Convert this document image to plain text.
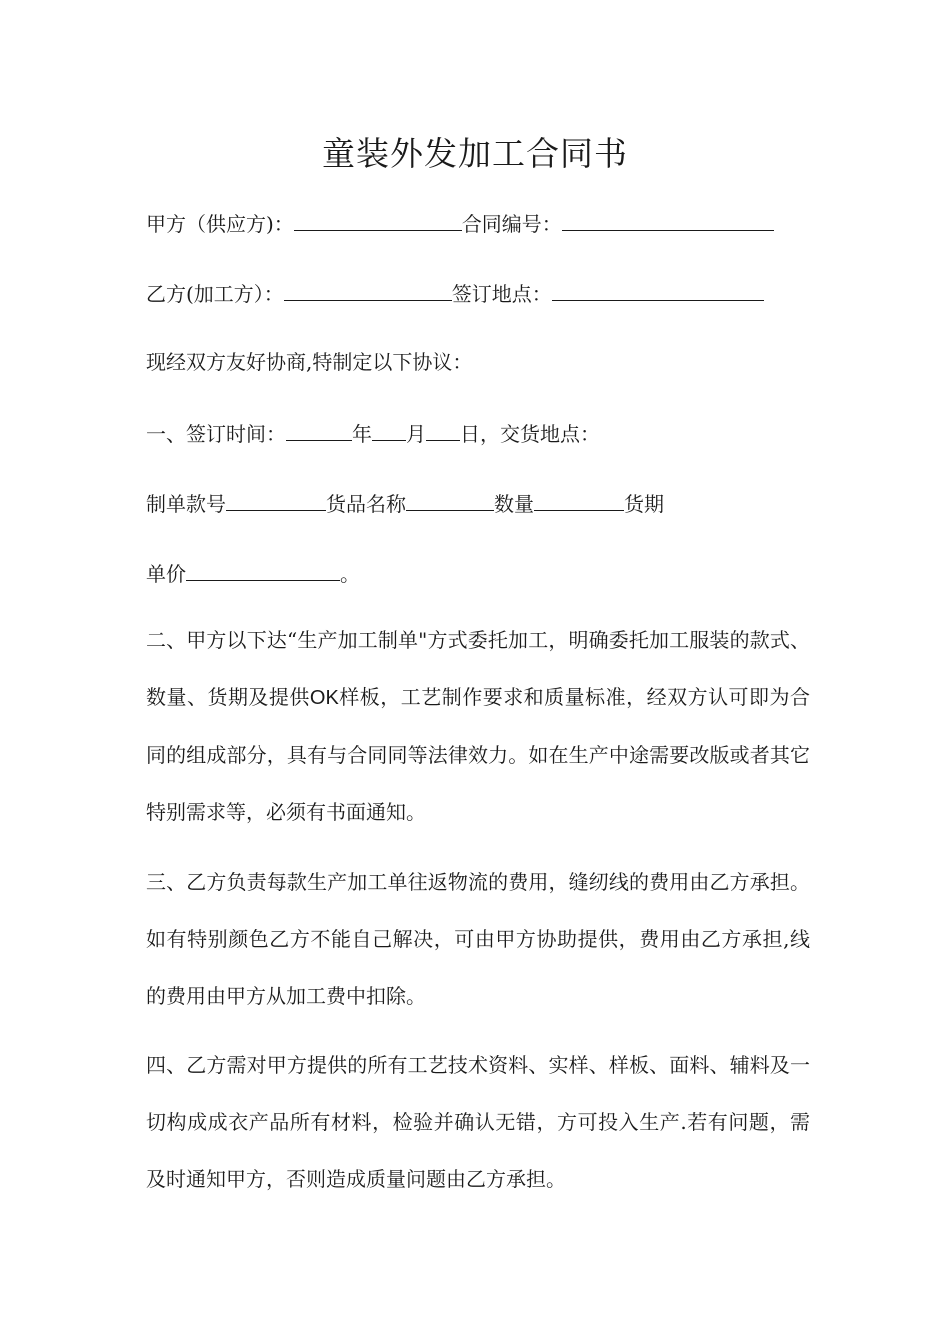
童装外发加工合同书
甲方（供应方)：	合同编号：
乙方(加工方）：	签订地点：
现经双方友好协商,特制定以下协议：
一、签订时间：	年 月 日，交货地点：
制单款号	货品名称	数量	货期
单价	。
二、甲方以下达“生产加工制单"方式委托加工，明确委托加工服装的款式、数量、货期及提供OK样板，工艺制作要求和质量标准，经双方认可即为合同的组成部分，具有与合同同等法律效力。如在生产中途需要改版或者其它特别需求等，必须有书面通知。
三、乙方负责每款生产加工单往返物流的费用，缝纫线的费用由乙方承担。如有特别颜色乙方不能自己解决，可由甲方协助提供，费用由乙方承担,线的费用由甲方从加工费中扣除。
四、乙方需对甲方提供的所有工艺技术资料、实样、样板、面料、辅料及一切构成成衣产品所有材料，检验并确认无错，方可投入生产.若有问题，需及时通知甲方，否则造成质量问题由乙方承担。
